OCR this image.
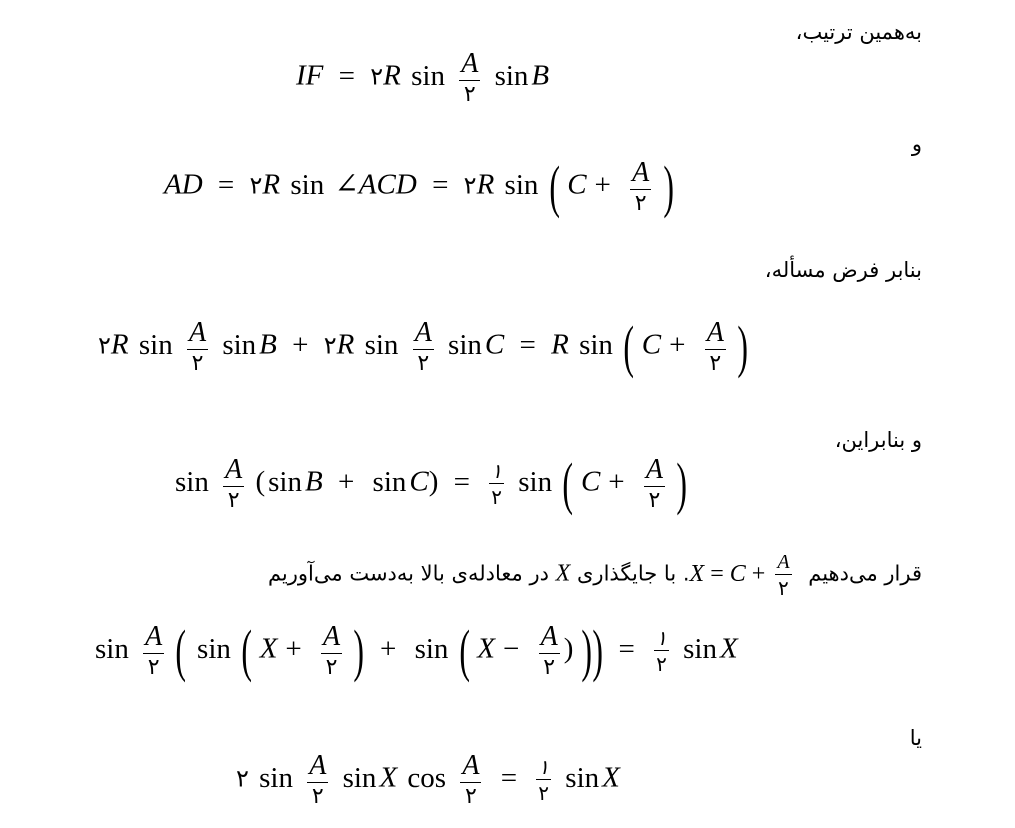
به‌همین ترتیب،
و
بنابر فرض مسأله،
و بنابراین،
قرار می‌دهیم $X = C + \frac{A}{۲}$
. با جایگذاری X در معادله‌ی بالا به‌دست می‌آوریم
یا
IF = ۲R $\sin \frac{A}{۲}$ sin B
AD = ۲R sin ∠ACD = ۲R sin ( $C + \frac{A}{۲}$ )
۲R $\sin \frac{A}{۲}$ sin B + ۲R $\sin \frac{A}{۲}$ sin C = R sin ( $C + \frac{A}{۲}$ )
$\sin \frac{A}{۲}$ ( $\sin B + \sin C) = \frac{۱}{۲}$ sin ( $C + \frac{A}{۲}$ )
$\sin \frac{A}{۲}$ ( sin ( $X + \frac{A}{۲}$ ) + sin ( $X - \frac{A}{۲}$ ) )) = $\frac{۱}{۲}$ sin X
۲ $\sin \frac{A}{۲}$ sin X $\cos \frac{A}{۲} = \frac{۱}{۲}$ sin X
